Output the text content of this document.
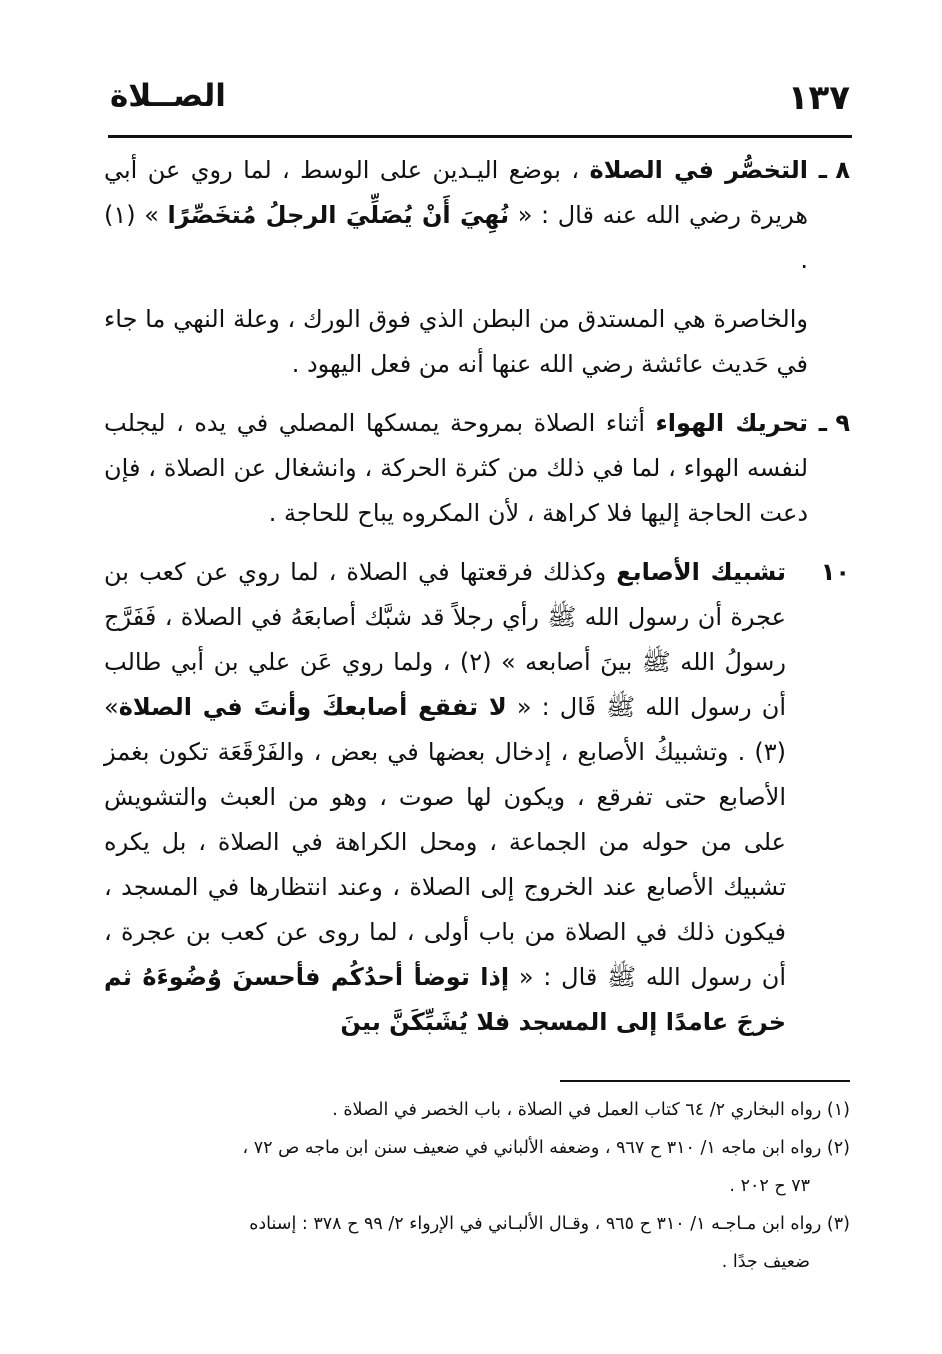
١٣٧
الصــلاة

٨ ـ
التخصُّر في الصلاة ، بوضع اليـدين على الوسط ، لما روي عن أبي هريرة رضي الله عنه قال : « نُهِيَ أَنْ يُصَلِّيَ الرجلُ مُتخَصِّرًا » (١) .

والخاصرة هي المستدق من البطن الذي فوق الورك ، وعلة النهي ما جاء في حَديث عائشة رضي الله عنها أنه من فعل اليهود .

٩ ـ
تحريك الهواء أثناء الصلاة بمروحة يمسكها المصلي في يده ، ليجلب لنفسه الهواء ، لما في ذلك من كثرة الحركة ، وانشغال عن الصلاة ، فإن دعت الحاجة إليها فلا كراهة ، لأن المكروه يباح للحاجة .

١٠
تشبيك الأصابع وكذلك فرقعتها في الصلاة ، لما روي عن كعب بن عجرة أن رسول الله ﷺ رأي رجلاً قد شبَّك أصابعَهُ في الصلاة ، فَفَرَّج رسولُ الله ﷺ بينَ أصابعه » (٢) ، ولما روي عَن علي بن أبي طالب أن رسول الله ﷺ قَال : « لا تفقع أصابعكَ وأنتَ في الصلاة» (٣) . وتشبيكُ الأصابع ، إدخال بعضها في بعض ، والفَرْقَعَة تكون بغمز الأصابع حتى تفرقع ، ويكون لها صوت ، وهو من العبث والتشويش على من حوله من الجماعة ، ومحل الكراهة في الصلاة ، بل يكره تشبيك الأصابع عند الخروج إلى الصلاة ، وعند انتظارها في المسجد ، فيكون ذلك في الصلاة من باب أولى ، لما روى عن كعب بن عجرة ، أن رسول الله ﷺ قال : « إذا توضأ أحدُكُم فأحسنَ وُضُوءَهُ ثم خرجَ عامدًا إلى المسجد فلا يُشَبِّكَنَّ بينَ

(١) رواه البخاري ٢/ ٦٤ كتاب العمل في الصلاة ، باب الخصر في الصلاة .

(٢) رواه ابن ماجه ١/ ٣١٠ ح ٩٦٧ ، وضعفه الألباني في ضعيف سنن ابن ماجه ص ٧٢ ،

٧٣ ح ٢٠٢ .

(٣) رواه ابن مـاجـه ١/ ٣١٠ ح ٩٦٥ ، وقـال الألبـاني في الإرواء ٢/ ٩٩ ح ٣٧٨ : إسناده

ضعيف جدًا .
